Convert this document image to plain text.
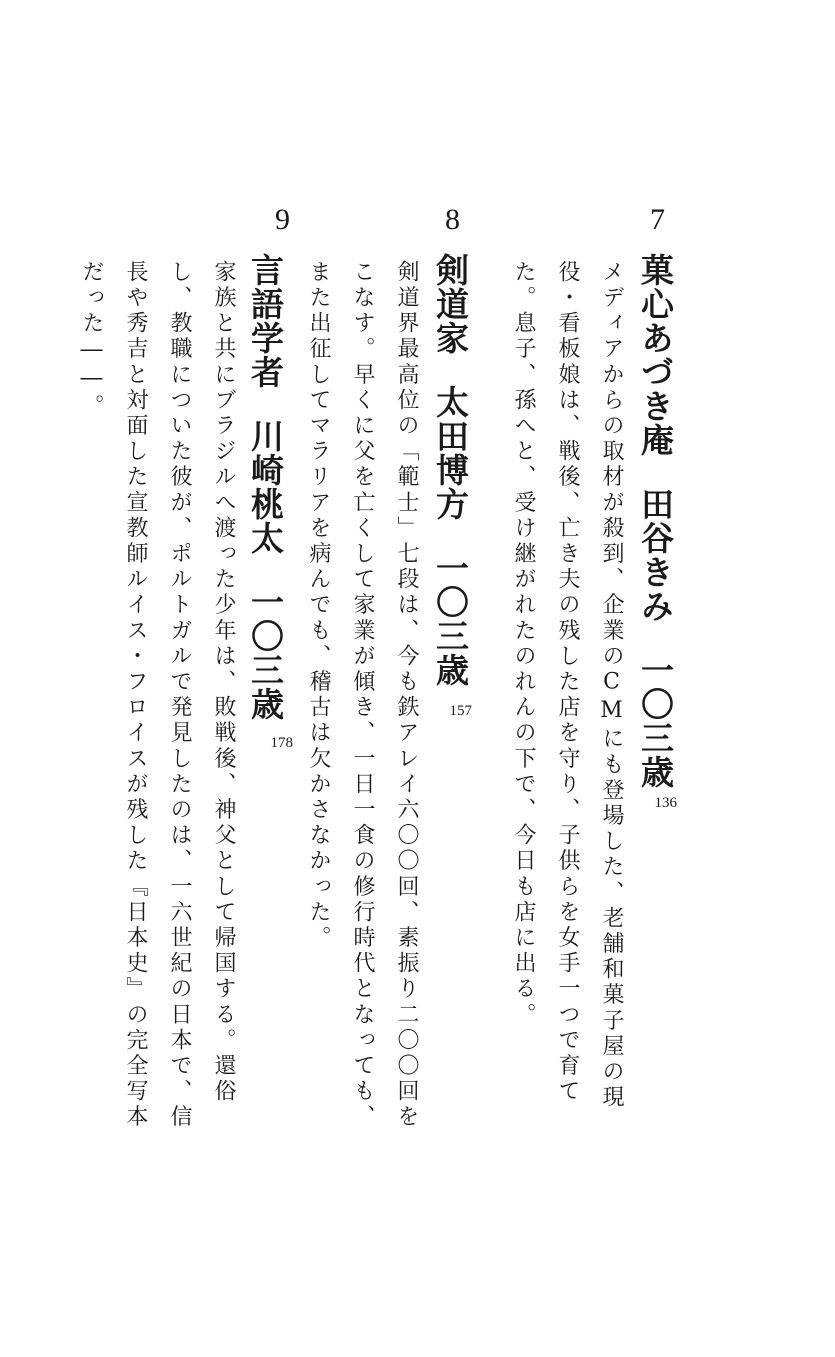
7
菓心あづき庵田谷きみ一〇三歳
136
メディアからの取材が殺到、企業のCMにも登場した、老舗和菓子屋の現役・看板娘は、戦後、亡き夫の残した店を守り、子供らを女手一つで育てた。息子、孫へと、受け継がれたのれんの下で、今日も店に出る。
8
剣道家太田博方一〇三歳
157
剣道界最高位の「範士」七段は、今も鉄アレイ六〇〇回、素振り二〇〇回をこなす。早くに父を亡くして家業が傾き、一日一食の修行時代となっても、また出征してマラリアを病んでも、稽古は欠かさなかった。
9
言語学者川崎桃太一〇三歳
178
家族と共にブラジルへ渡った少年は、敗戦後、神父として帰国する。還俗し、教職についた彼が、ポルトガルで発見したのは、一六世紀の日本で、信長や秀吉と対面した宣教師ルイス・フロイスが残した『日本史』の完全写本だった――。
